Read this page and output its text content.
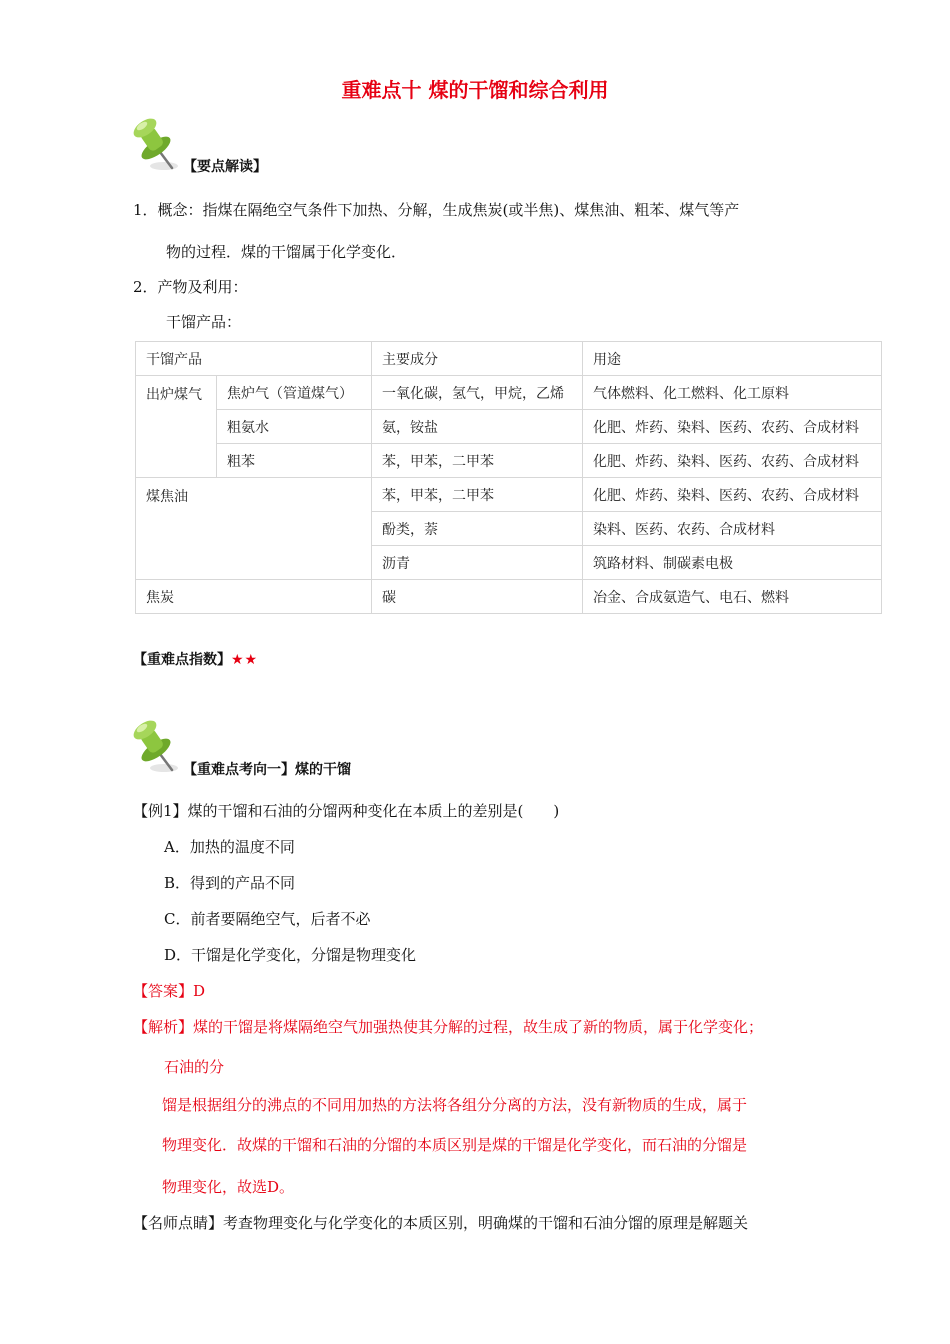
重难点十 煤的干馏和综合利用
【要点解读】
1．概念：指煤在隔绝空气条件下加热、分解，生成焦炭(或半焦)、煤焦油、粗苯、煤气等产
物的过程．煤的干馏属于化学变化．
2．产物及利用：
干馏产品：
干馏产品		主要成分	用途
出炉煤气	焦炉气（管道煤气）	一氧化碳，氢气，甲烷，乙烯	气体燃料、化工燃料、化工原料
	粗氨水	氨，铵盐	化肥、炸药、染料、医药、农药、合成材料
	粗苯	苯，甲苯，二甲苯	化肥、炸药、染料、医药、农药、合成材料
煤焦油		苯，甲苯，二甲苯	化肥、炸药、染料、医药、农药、合成材料
		酚类，萘	染料、医药、农药、合成材料
		沥青	筑路材料、制碳素电极
焦炭		碳	冶金、合成氨造气、电石、燃料
【重难点指数】★★
【重难点考向一】煤的干馏
【例1】煤的干馏和石油的分馏两种变化在本质上的差别是(　　)
A．加热的温度不同
B．得到的产品不同
C．前者要隔绝空气，后者不必
D．干馏是化学变化，分馏是物理变化
【答案】D
【解析】煤的干馏是将煤隔绝空气加强热使其分解的过程，故生成了新的物质，属于化学变化；
石油的分
馏是根据组分的沸点的不同用加热的方法将各组分分离的方法，没有新物质的生成，属于
物理变化．故煤的干馏和石油的分馏的本质区别是煤的干馏是化学变化，而石油的分馏是
物理变化，故选D。
【名师点睛】考查物理变化与化学变化的本质区别，明确煤的干馏和石油分馏的原理是解题关
